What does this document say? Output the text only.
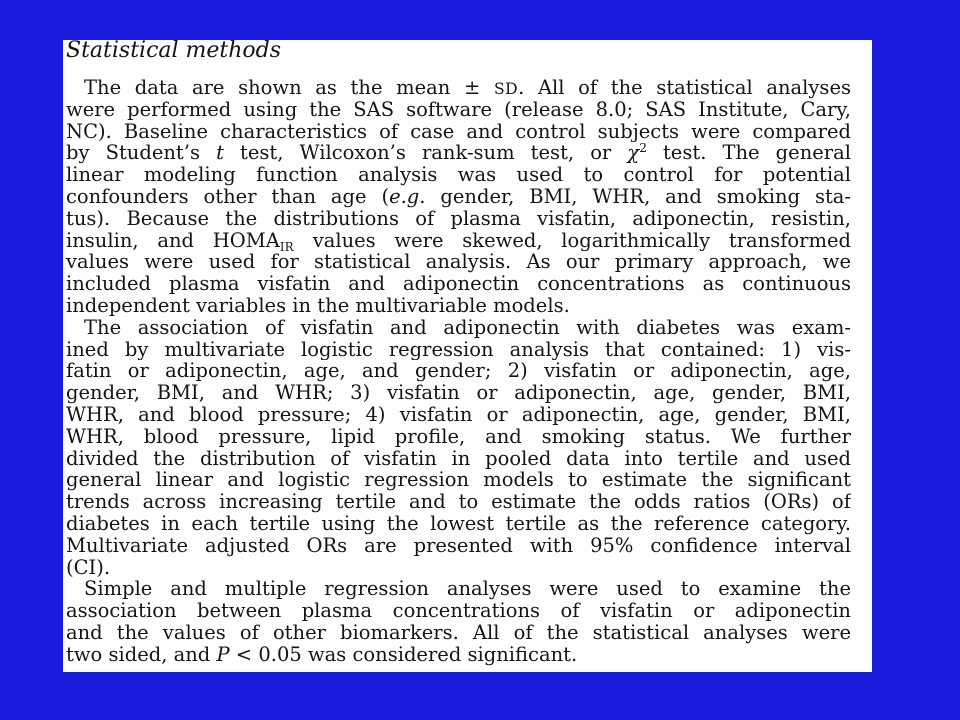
Statistical methods
The data are shown as the mean ± SD. All of the statistical analyses
were performed using the SAS software (release 8.0; SAS Institute, Cary,
NC). Baseline characteristics of case and control subjects were compared
by Student’s t test, Wilcoxon’s rank-sum test, or $\chi^2$ test. The general
linear modeling function analysis was used to control for potential
confounders other than age (e.g. gender, BMI, WHR, and smoking sta-
tus). Because the distributions of plasma visfatin, adiponectin, resistin,
insulin, and $HOMA_{IR}$ values were skewed, logarithmically transformed
values were used for statistical analysis. As our primary approach, we
included plasma visfatin and adiponectin concentrations as continuous
independent variables in the multivariable models.
The association of visfatin and adiponectin with diabetes was exam-
ined by multivariate logistic regression analysis that contained: 1) vis-
fatin or adiponectin, age, and gender; 2) visfatin or adiponectin, age,
gender, BMI, and WHR; 3) visfatin or adiponectin, age, gender, BMI,
WHR, and blood pressure; 4) visfatin or adiponectin, age, gender, BMI,
WHR, blood pressure, lipid profile, and smoking status. We further
divided the distribution of visfatin in pooled data into tertile and used
general linear and logistic regression models to estimate the significant
trends across increasing tertile and to estimate the odds ratios (ORs) of
diabetes in each tertile using the lowest tertile as the reference category.
Multivariate adjusted ORs are presented with 95% confidence interval
(CI).
Simple and multiple regression analyses were used to examine the
association between plasma concentrations of visfatin or adiponectin
and the values of other biomarkers. All of the statistical analyses were
two sided, and P < 0.05 was considered significant.
